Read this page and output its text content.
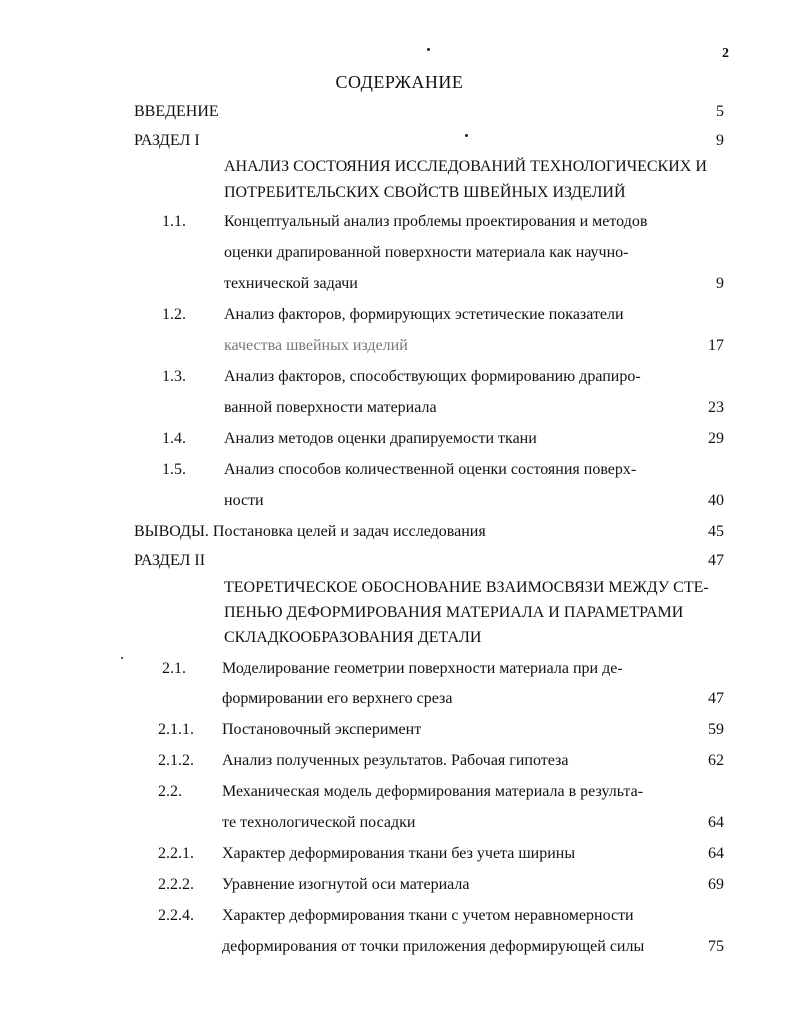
2
СОДЕРЖАНИЕ
ВВЕДЕНИЕ	5
РАЗДЕЛ I	9
АНАЛИЗ СОСТОЯНИЯ ИССЛЕДОВАНИЙ ТЕХНОЛОГИЧЕСКИХ И
ПОТРЕБИТЕЛЬСКИХ СВОЙСТВ ШВЕЙНЫХ ИЗДЕЛИЙ
1.1. Концептуальный анализ проблемы проектирования и методов
оценки драпированной поверхности материала как научно-
технической задачи	9
1.2. Анализ факторов, формирующих эстетические показатели
качества швейных изделий	17
1.3. Анализ факторов, способствующих формированию драпиро-
ванной поверхности материала	23
1.4. Анализ методов оценки драпируемости ткани	29
1.5. Анализ способов количественной оценки состояния поверх-
ности	40
ВЫВОДЫ. Постановка целей и задач исследования	45
РАЗДЕЛ II	47
ТЕОРЕТИЧЕСКОЕ ОБОСНОВАНИЕ ВЗАИМОСВЯЗИ МЕЖДУ СТЕ-
ПЕНЬЮ ДЕФОРМИРОВАНИЯ МАТЕРИАЛА И ПАРАМЕТРАМИ
СКЛАДКООБРАЗОВАНИЯ ДЕТАЛИ
2.1. Моделирование геометрии поверхности материала при де-
формировании его верхнего среза	47
2.1.1. Постановочный эксперимент	59
2.1.2. Анализ полученных результатов. Рабочая гипотеза	62
2.2.	Механическая модель деформирования материала в результа-
те технологической посадки	64
2.2.1. Характер деформирования ткани без учета ширины	64
2.2.2. Уравнение изогнутой оси материала	69
2.2.4. Характер деформирования ткани с учетом неравномерности
деформирования от точки приложения деформирующей силы	75
